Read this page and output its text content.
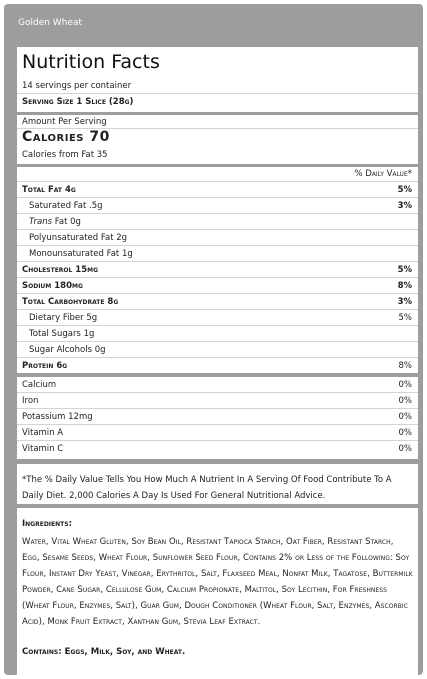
Golden Wheat
Nutrition Facts
14 servings per container
Serving Size 1 Slice (28g)
Amount Per Serving
Calories 70
Calories from Fat 35
% Daily Value*
Total Fat 4g	5%
Saturated Fat .5g	3%
Trans Fat 0g
Polyunsaturated Fat 2g
Monounsaturated Fat 1g
Cholesterol 15mg	5%
Sodium 180mg	8%
Total Carbohydrate 8g	3%
Dietary Fiber 5g	5%
Total Sugars 1g
Sugar Alcohols 0g
Protein 6g	8%
Calcium	0%
Iron	0%
Potassium 12mg	0%
Vitamin A	0%
Vitamin C	0%
*The % Daily Value Tells You How Much A Nutrient In A Serving Of Food Contribute To A Daily Diet. 2,000 Calories A Day Is Used For General Nutritional Advice.
Ingredients:
Water, Vital Wheat Gluten, Soy Bean Oil, Resistant Tapioca Starch, Oat Fiber, Resistant Starch, Egg, Sesame Seeds, Wheat Flour, Sunflower Seed Flour, Contains 2% or Less of the Following: Soy Flour, Instant Dry Yeast, Vinegar, Erythritol, Salt, Flaxseed Meal, Nonfat Milk, Tagatose, Buttermilk Powder, Cane Sugar, Cellulose Gum, Calcium Propionate, Maltitol, Soy Lecithin, For Freshness (Wheat Flour, Enzymes, Salt), Guar Gum, Dough Conditioner (Wheat Flour, Salt, Enzymes, Ascorbic Acid), Monk Fruit Extract, Xanthan Gum, Stevia Leaf Extract.
Contains: Eggs, Milk, Soy, and Wheat.
